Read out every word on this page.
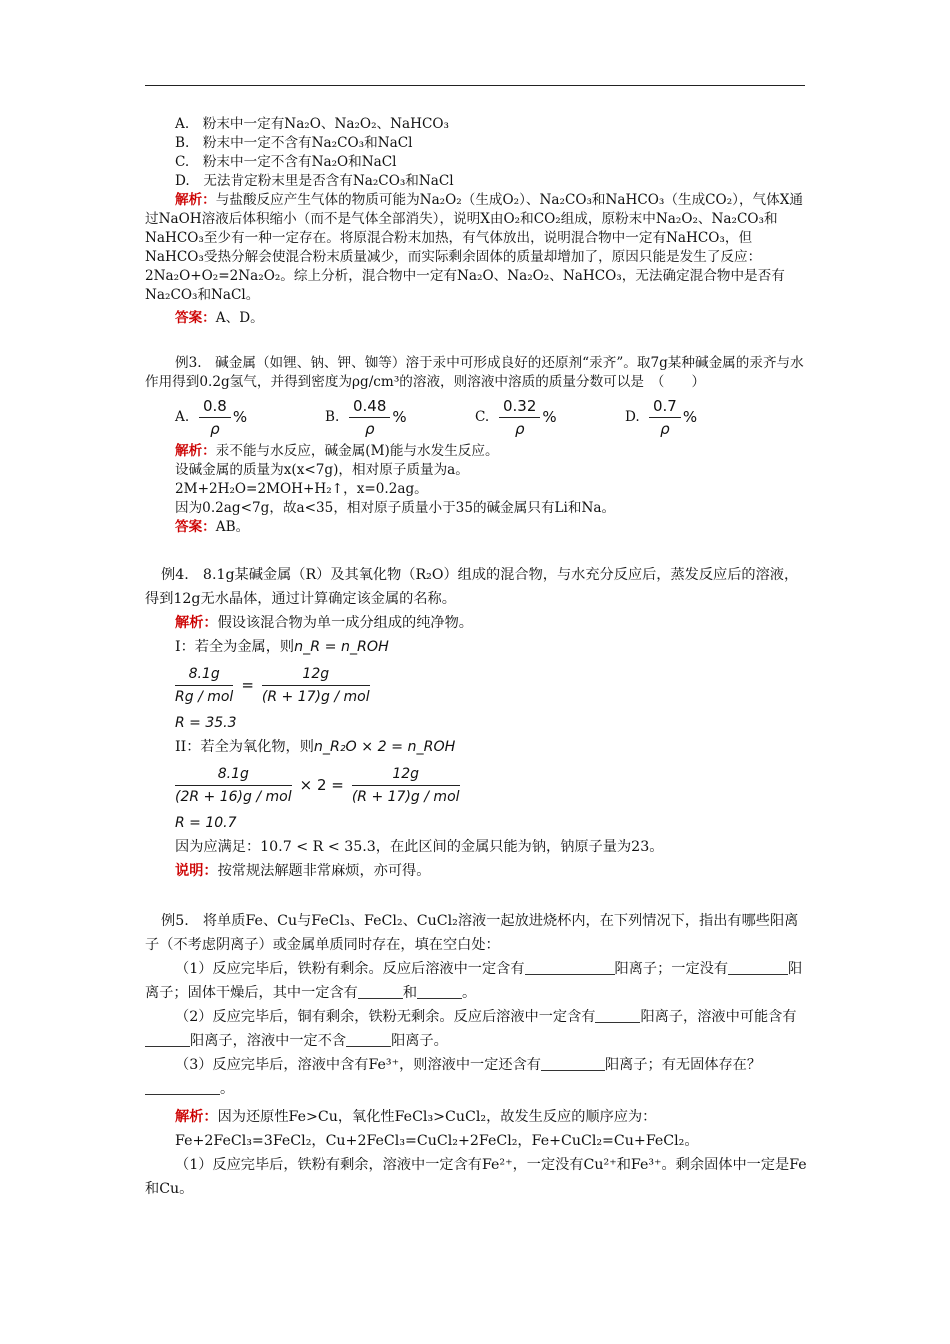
A.　粉末中一定有Na₂O、Na₂O₂、NaHCO₃
B.　粉末中一定不含有Na₂CO₃和NaCl
C.　粉末中一定不含有Na₂O和NaCl
D.　无法肯定粉末里是否含有Na₂CO₃和NaCl
解析：与盐酸反应产生气体的物质可能为Na₂O₂（生成O₂）、Na₂CO₃和NaHCO₃（生成CO₂），气体X通过NaOH溶液后体积缩小（而不是气体全部消失），说明X由O₂和CO₂组成，原粉末中Na₂O₂、Na₂CO₃和NaHCO₃至少有一种一定存在。将原混合粉末加热，有气体放出，说明混合物中一定有NaHCO₃，但NaHCO₃受热分解会使混合粉末质量减少，而实际剩余固体的质量却增加了，原因只能是发生了反应：2Na₂O+O₂=2Na₂O₂。综上分析，混合物中一定有Na₂O、Na₂O₂、NaHCO₃，无法确定混合物中是否有Na₂CO₃和NaCl。
答案：A、D。
例3.　碱金属（如锂、钠、钾、铷等）溶于汞中可形成良好的还原剂“汞齐”。取7g某种碱金属的汞齐与水作用得到0.2g氢气，并得到密度为ρg/cm³的溶液，则溶液中溶质的质量分数可以是　（　　）
A. $\frac{0.8}{\rho}$ %	B. $\frac{0.48}{\rho}$ %	C. $\frac{0.32}{\rho}$ %	D. $\frac{0.7}{\rho}$ %
解析：汞不能与水反应，碱金属(M)能与水发生反应。
设碱金属的质量为x(x<7g)，相对原子质量为a。
2M+2H₂O=2MOH+H₂↑，x=0.2ag。
因为0.2ag<7g，故a<35，相对原子质量小于35的碱金属只有Li和Na。
答案：AB。
例4.　8.1g某碱金属（R）及其氧化物（R₂O）组成的混合物，与水充分反应后，蒸发反应后的溶液，得到12g无水晶体，通过计算确定该金属的名称。
解析：假设该混合物为单一成分组成的纯净物。
I：若全为金属，则n_R = n_ROH
8.1g
Rg / mol
=
12g
(R + 17)g / mol
R = 35.3
II：若全为氧化物，则n_R₂O × 2 = n_ROH
8.1g
(2R + 16)g / mol
× 2 =
12g
(R + 17)g / mol
R = 10.7
因为应满足：10.7 < R < 35.3，在此区间的金属只能为钠，钠原子量为23。
说明：按常规法解题非常麻烦，亦可得。
例5.　将单质Fe、Cu与FeCl₃、FeCl₂、CuCl₂溶液一起放进烧杯内，在下列情况下，指出有哪些阳离子（不考虑阴离子）或金属单质同时存在，填在空白处：
（1）反应完毕后，铁粉有剩余。反应后溶液中一定含有	阳离子；一定没有	阳离子；固体干燥后，其中一定含有	和	。
（2）反应完毕后，铜有剩余，铁粉无剩余。反应后溶液中一定含有	阳离子，溶液中可能含有阳离子，溶液中一定不含	阳离子。
（3）反应完毕后，溶液中含有Fe³⁺，则溶液中一定还含有	阳离子；有无固体存在？。
解析：因为还原性Fe>Cu，氧化性FeCl₃>CuCl₂，故发生反应的顺序应为：
Fe+2FeCl₃=3FeCl₂，Cu+2FeCl₃=CuCl₂+2FeCl₂，Fe+CuCl₂=Cu+FeCl₂。
（1）反应完毕后，铁粉有剩余，溶液中一定含有Fe²⁺，一定没有Cu²⁺和Fe³⁺。剩余固体中一定是Fe　和Cu。
